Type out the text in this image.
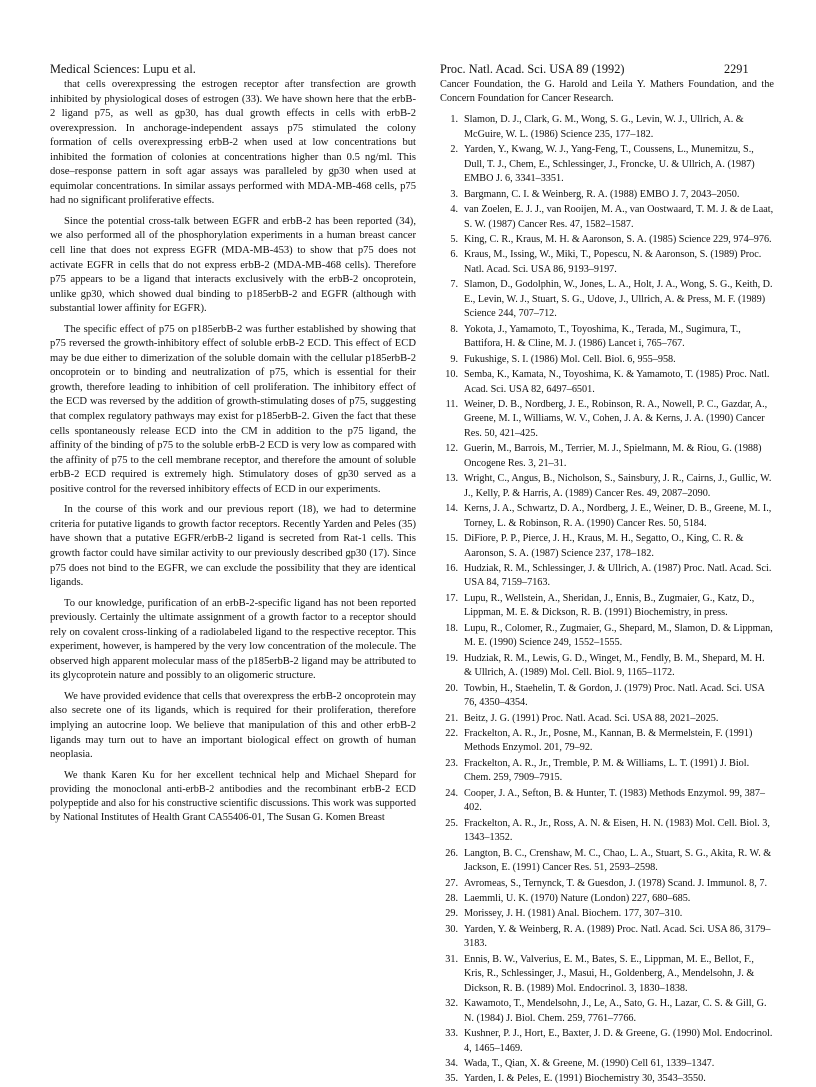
Medical Sciences: Lupu et al.	Proc. Natl. Acad. Sci. USA 89 (1992)	2291

that cells overexpressing the estrogen receptor after transfection are growth inhibited by physiological doses of estrogen (33). We have shown here that the erbB-2 ligand p75, as well as gp30, has dual growth effects in cells with erbB-2 overexpression. In anchorage-independent assays p75 stimulated the colony formation of cells overexpressing erbB-2 when used at low concentrations but inhibited the formation of colonies at concentrations higher than 0.5 ng/ml. This dose–response pattern in soft agar assays was paralleled by gp30 when used at equimolar concentrations. In similar assays performed with MDA-MB-468 cells, p75 had no significant proliferative effects.

Since the potential cross-talk between EGFR and erbB-2 has been reported (34), we also performed all of the phosphorylation experiments in a human breast cancer cell line that does not express EGFR (MDA-MB-453) to show that p75 does not activate EGFR in cells that do not express erbB-2 (MDA-MB-468 cells). Therefore p75 appears to be a ligand that interacts exclusively with the erbB-2 oncoprotein, unlike gp30, which showed dual binding to p185erbB-2 and EGFR (although with substantial lower affinity for EGFR).

The specific effect of p75 on p185erbB-2 was further established by showing that p75 reversed the growth-inhibitory effect of soluble erbB-2 ECD. This effect of ECD may be due either to dimerization of the soluble domain with the cellular p185erbB-2 oncoprotein or to binding and neutralization of p75, which is essential for their growth, therefore leading to inhibition of cell proliferation. The inhibitory effect of the ECD was reversed by the addition of growth-stimulating doses of p75, suggesting that complex regulatory pathways may exist for p185erbB-2. Given the fact that these cells spontaneously release ECD into the CM in addition to the p75 ligand, the affinity of the binding of p75 to the soluble erbB-2 ECD is very low as compared with the affinity of p75 to the cell membrane receptor, and therefore the amount of soluble erbB-2 ECD required is extremely high. Stimulatory doses of gp30 served as a positive control for the reversed inhibitory effects of ECD in our experiments.

In the course of this work and our previous report (18), we had to determine criteria for putative ligands to growth factor receptors. Recently Yarden and Peles (35) have shown that a putative EGFR/erbB-2 ligand is secreted from Rat-1 cells. This growth factor could have similar activity to our previously described gp30 (17). Since p75 does not bind to the EGFR, we can exclude the possibility that they are identical ligands.

To our knowledge, purification of an erbB-2-specific ligand has not been reported previously. Certainly the ultimate assignment of a growth factor to a receptor should rely on covalent cross-linking of a radiolabeled ligand to the respective receptor. This experiment, however, is hampered by the very low concentration of the molecule. The observed high apparent molecular mass of the p185erbB-2 ligand may be attributed to its glycoprotein nature and possibly to an oligomeric structure.

We have provided evidence that cells that overexpress the erbB-2 oncoprotein may also secrete one of its ligands, which is required for their proliferation, therefore implying an autocrine loop. We believe that manipulation of this and other erbB-2 ligands may turn out to have an important biological effect on growth of human neoplasia.

We thank Karen Ku for her excellent technical help and Michael Shepard for providing the monoclonal anti-erbB-2 antibodies and the recombinant erbB-2 ECD polypeptide and also for his constructive scientific discussions. This work was supported by National Institutes of Health Grant CA55406-01, The Susan G. Komen Breast

Cancer Foundation, the G. Harold and Leila Y. Mathers Foundation, and the Concern Foundation for Cancer Research.

1. Slamon, D. J., Clark, G. M., Wong, S. G., Levin, W. J., Ullrich, A. & McGuire, W. L. (1986) Science 235, 177–182.
2. Yarden, Y., Kwang, W. J., Yang-Feng, T., Coussens, L., Munemitzu, S., Dull, T. J., Chem, E., Schlessinger, J., Froncke, U. & Ullrich, A. (1987) EMBO J. 6, 3341–3351.
3. Bargmann, C. I. & Weinberg, R. A. (1988) EMBO J. 7, 2043–2050.
4. van Zoelen, E. J. J., van Rooijen, M. A., van Oostwaard, T. M. J. & de Laat, S. W. (1987) Cancer Res. 47, 1582–1587.
5. King, C. R., Kraus, M. H. & Aaronson, S. A. (1985) Science 229, 974–976.
6. Kraus, M., Issing, W., Miki, T., Popescu, N. & Aaronson, S. (1989) Proc. Natl. Acad. Sci. USA 86, 9193–9197.
7. Slamon, D., Godolphin, W., Jones, L. A., Holt, J. A., Wong, S. G., Keith, D. E., Levin, W. J., Stuart, S. G., Udove, J., Ullrich, A. & Press, M. F. (1989) Science 244, 707–712.
8. Yokota, J., Yamamoto, T., Toyoshima, K., Terada, M., Sugimura, T., Battifora, H. & Cline, M. J. (1986) Lancet i, 765–767.
9. Fukushige, S. I. (1986) Mol. Cell. Biol. 6, 955–958.
10. Semba, K., Kamata, N., Toyoshima, K. & Yamamoto, T. (1985) Proc. Natl. Acad. Sci. USA 82, 6497–6501.
11. Weiner, D. B., Nordberg, J. E., Robinson, R. A., Nowell, P. C., Gazdar, A., Greene, M. I., Williams, W. V., Cohen, J. A. & Kerns, J. A. (1990) Cancer Res. 50, 421–425.
12. Guerin, M., Barrois, M., Terrier, M. J., Spielmann, M. & Riou, G. (1988) Oncogene Res. 3, 21–31.
13. Wright, C., Angus, B., Nicholson, S., Sainsbury, J. R., Cairns, J., Gullic, W. J., Kelly, P. & Harris, A. (1989) Cancer Res. 49, 2087–2090.
14. Kerns, J. A., Schwartz, D. A., Nordberg, J. E., Weiner, D. B., Greene, M. I., Torney, L. & Robinson, R. A. (1990) Cancer Res. 50, 5184.
15. DiFiore, P. P., Pierce, J. H., Kraus, M. H., Segatto, O., King, C. R. & Aaronson, S. A. (1987) Science 237, 178–182.
16. Hudziak, R. M., Schlessinger, J. & Ullrich, A. (1987) Proc. Natl. Acad. Sci. USA 84, 7159–7163.
17. Lupu, R., Wellstein, A., Sheridan, J., Ennis, B., Zugmaier, G., Katz, D., Lippman, M. E. & Dickson, R. B. (1991) Biochemistry, in press.
18. Lupu, R., Colomer, R., Zugmaier, G., Shepard, M., Slamon, D. & Lippman, M. E. (1990) Science 249, 1552–1555.
19. Hudziak, R. M., Lewis, G. D., Winget, M., Fendly, B. M., Shepard, M. H. & Ullrich, A. (1989) Mol. Cell. Biol. 9, 1165–1172.
20. Towbin, H., Staehelin, T. & Gordon, J. (1979) Proc. Natl. Acad. Sci. USA 76, 4350–4354.
21. Beitz, J. G. (1991) Proc. Natl. Acad. Sci. USA 88, 2021–2025.
22. Frackelton, A. R., Jr., Posne, M., Kannan, B. & Mermelstein, F. (1991) Methods Enzymol. 201, 79–92.
23. Frackelton, A. R., Jr., Tremble, P. M. & Williams, L. T. (1991) J. Biol. Chem. 259, 7909–7915.
24. Cooper, J. A., Sefton, B. & Hunter, T. (1983) Methods Enzymol. 99, 387–402.
25. Frackelton, A. R., Jr., Ross, A. N. & Eisen, H. N. (1983) Mol. Cell. Biol. 3, 1343–1352.
26. Langton, B. C., Crenshaw, M. C., Chao, L. A., Stuart, S. G., Akita, R. W. & Jackson, E. (1991) Cancer Res. 51, 2593–2598.
27. Avromeas, S., Ternynck, T. & Guesdon, J. (1978) Scand. J. Immunol. 8, 7.
28. Laemmli, U. K. (1970) Nature (London) 227, 680–685.
29. Morissey, J. H. (1981) Anal. Biochem. 177, 307–310.
30. Yarden, Y. & Weinberg, R. A. (1989) Proc. Natl. Acad. Sci. USA 86, 3179–3183.
31. Ennis, B. W., Valverius, E. M., Bates, S. E., Lippman, M. E., Bellot, F., Kris, R., Schlessinger, J., Masui, H., Goldenberg, A., Mendelsohn, J. & Dickson, R. B. (1989) Mol. Endocrinol. 3, 1830–1838.
32. Kawamoto, T., Mendelsohn, J., Le, A., Sato, G. H., Lazar, C. S. & Gill, G. N. (1984) J. Biol. Chem. 259, 7761–7766.
33. Kushner, P. J., Hort, E., Baxter, J. D. & Greene, G. (1990) Mol. Endocrinol. 4, 1465–1469.
34. Wada, T., Qian, X. & Greene, M. (1990) Cell 61, 1339–1347.
35. Yarden, I. & Peles, E. (1991) Biochemistry 30, 3543–3550.
